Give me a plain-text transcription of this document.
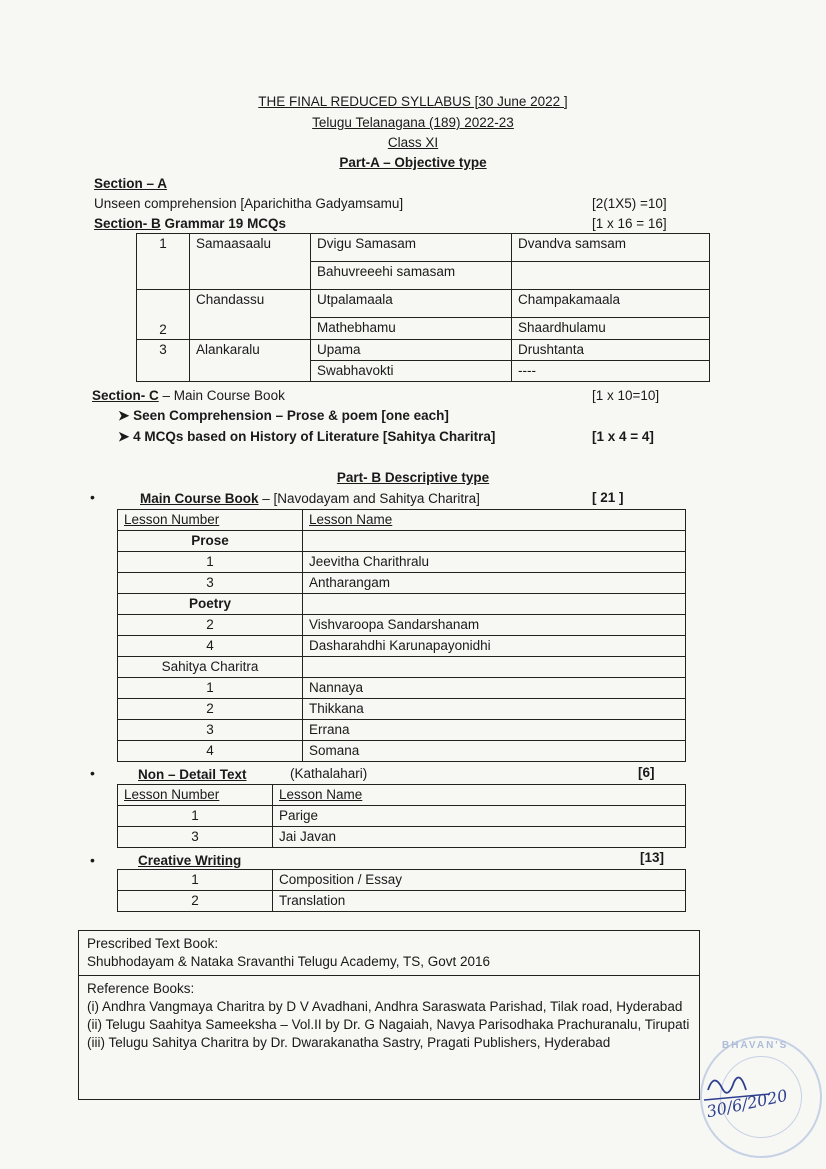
THE FINAL REDUCED SYLLABUS [30 June 2022 ]
Telugu Telanagana (189) 2022-23
Class XI
Part-A – Objective type
Section – A
Unseen comprehension [Aparichitha Gadyamsamu]	[2(1X5) =10]
Section- B Grammar 19 MCQs	[1 x 16 = 16]
1	Samaasaalu	Dvigu Samasam	Dvandva samsam
		Bahuvreeehi samasam	
2	Chandassu	Utpalamaala	Champakamaala
		Mathebhamu	Shaardhulamu
3	Alankaralu	Upama	Drushtanta
		Swabhavokti	----
Section- C – Main Course Book	[1 x 10=10]
➤ Seen Comprehension – Prose & poem [one each]
➤ 4 MCQs based on History of Literature [Sahitya Charitra]	[1 x 4 = 4]
Part- B Descriptive type
•	Main Course Book – [Navodayam and Sahitya Charitra]	[ 21 ]
Lesson Number	Lesson Name
Prose	
1	Jeevitha Charithralu
3	Antharangam
Poetry	
2	Vishvaroopa Sandarshanam
4	Dasharahdhi Karunapayonidhi
Sahitya Charitra	
1	Nannaya
2	Thikkana
3	Errana
4	Somana
•	Non – Detail Text	(Kathalahari)	[6]
Lesson Number	Lesson Name
1	Parige
3	Jai Javan
•	Creative Writing	[13]
1	Composition / Essay
2	Translation
Prescribed Text Book:
Shubhodayam & Nataka Sravanthi Telugu Academy, TS, Govt 2016
Reference Books:
(i) Andhra Vangmaya Charitra by D V Avadhani, Andhra Saraswata Parishad, Tilak road, Hyderabad
(ii) Telugu Saahitya Sameeksha – Vol.II by Dr. G Nagaiah, Navya Parisodhaka Prachuranalu, Tirupati
(iii) Telugu Sahitya Charitra by Dr. Dwarakanatha Sastry, Pragati Publishers, Hyderabad	BHAVAN'S
30/6/2020
